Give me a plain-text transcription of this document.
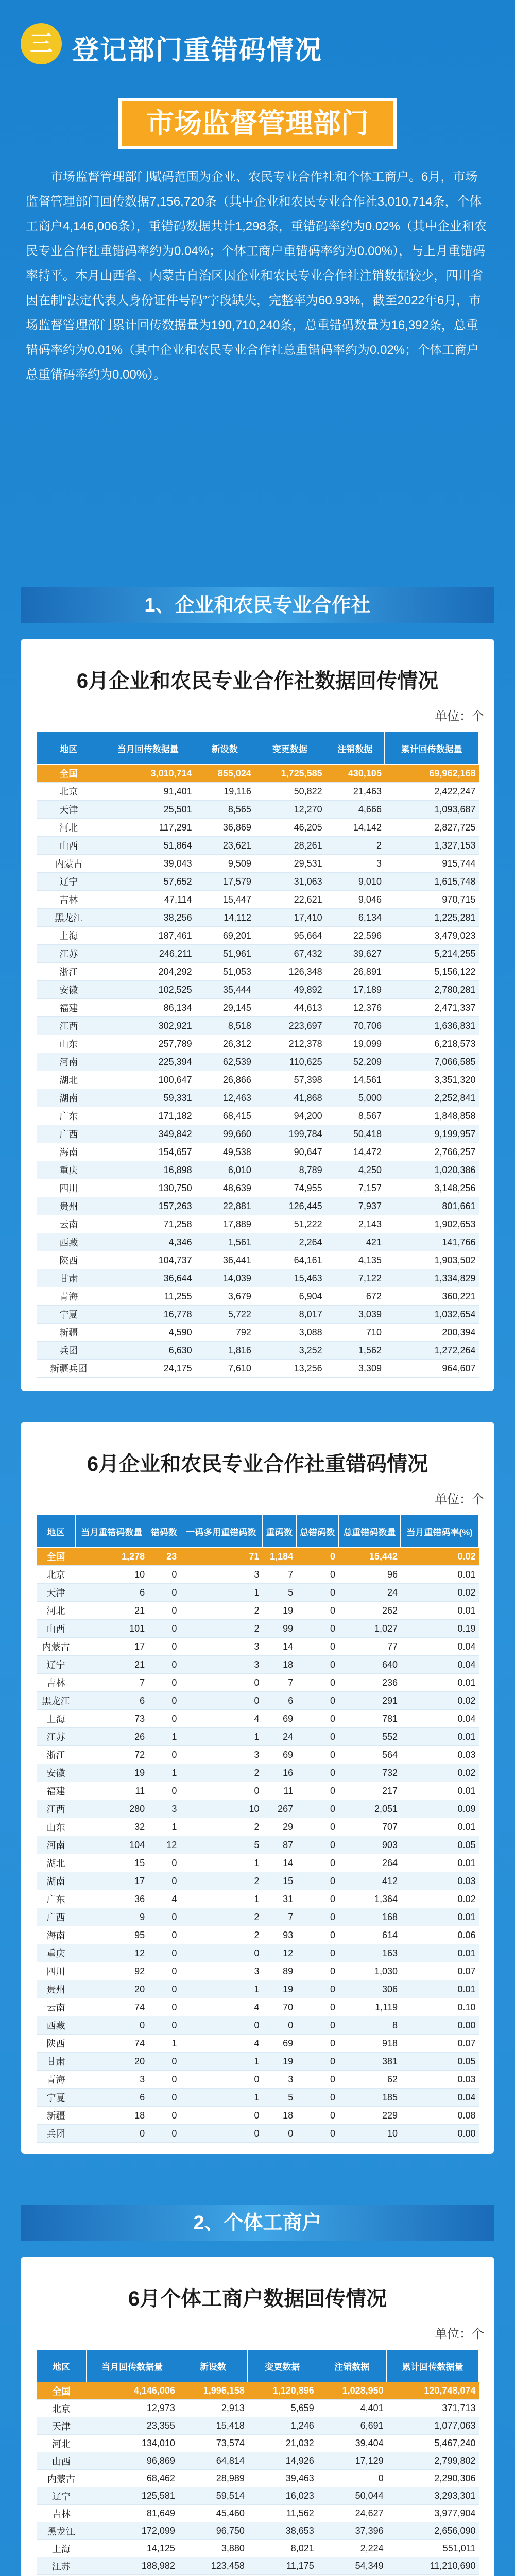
三 登记部门重错码情况
市场监督管理部门
市场监督管理部门赋码范围为企业、农民专业合作社和个体工商户。6月，市场监督管理部门回传数据7,156,720条（其中企业和农民专业合作社3,010,714条，个体工商户4,146,006条），重错码数据共计1,298条，重错码率约为0.02%（其中企业和农民专业合作社重错码率约为0.04%；个体工商户重错码率约为0.00%），与上月重错码率持平。本月山西省、内蒙古自治区因企业和农民专业合作社注销数据较少，四川省因在制“法定代表人身份证件号码”字段缺失，完整率为60.93%，截至2022年6月，市场监督管理部门累计回传数据量为190,710,240条，总重错码数量为16,392条，总重错码率约为0.01%（其中企业和农民专业合作社总重错码率约为0.02%；个体工商户总重错码率约为0.00%）。
1、企业和农民专业合作社
6月企业和农民专业合作社数据回传情况
单位：个
地区	当月回传数据量	新设数	变更数据	注销数据	累计回传数据量
全国	3,010,714	855,024	1,725,585	430,105	69,962,168
北京	91,401	19,116	50,822	21,463	2,422,247
天津	25,501	8,565	12,270	4,666	1,093,687
河北	117,291	36,869	46,205	14,142	2,827,725
山西	51,864	23,621	28,261	2	1,327,153
内蒙古	39,043	9,509	29,531	3	915,744
辽宁	57,652	17,579	31,063	9,010	1,615,748
吉林	47,114	15,447	22,621	9,046	970,715
黑龙江	38,256	14,112	17,410	6,134	1,225,281
上海	187,461	69,201	95,664	22,596	3,479,023
江苏	246,211	51,961	67,432	39,627	5,214,255
浙江	204,292	51,053	126,348	26,891	5,156,122
安徽	102,525	35,444	49,892	17,189	2,780,281
福建	86,134	29,145	44,613	12,376	2,471,337
江西	302,921	8,518	223,697	70,706	1,636,831
山东	257,789	26,312	212,378	19,099	6,218,573
河南	225,394	62,539	110,625	52,209	7,066,585
湖北	100,647	26,866	57,398	14,561	3,351,320
湖南	59,331	12,463	41,868	5,000	2,252,841
广东	171,182	68,415	94,200	8,567	1,848,858
广西	349,842	99,660	199,784	50,418	9,199,957
海南	154,657	49,538	90,647	14,472	2,766,257
重庆	16,898	6,010	8,789	4,250	1,020,386
四川	130,750	48,639	74,955	7,157	3,148,256
贵州	157,263	22,881	126,445	7,937	801,661
云南	71,258	17,889	51,222	2,143	1,902,653
西藏	4,346	1,561	2,264	421	141,766
陕西	104,737	36,441	64,161	4,135	1,903,502
甘肃	36,644	14,039	15,463	7,122	1,334,829
青海	11,255	3,679	6,904	672	360,221
宁夏	16,778	5,722	8,017	3,039	1,032,654
新疆	4,590	792	3,088	710	200,394
兵团	6,630	1,816	3,252	1,562	1,272,264
新疆兵团	24,175	7,610	13,256	3,309	964,607
6月企业和农民专业合作社重错码情况
单位：个
地区	当月重错码数量	错码数	一码多用重错码数	重码数	总错码数	总重错码数量	当月重错码率(%)
全国	1,278	23	71	1,184	0	15,442	0.02
北京	10	0	3	7	0	96	0.01
天津	6	0	1	5	0	24	0.02
河北	21	0	2	19	0	262	0.01
山西	101	0	2	99	0	1,027	0.19
内蒙古	17	0	3	14	0	77	0.04
辽宁	21	0	3	18	0	640	0.04
吉林	7	0	0	7	0	236	0.01
黑龙江	6	0	0	6	0	291	0.02
上海	73	0	4	69	0	781	0.04
江苏	26	1	1	24	0	552	0.01
浙江	72	0	3	69	0	564	0.03
安徽	19	1	2	16	0	732	0.02
福建	11	0	0	11	0	217	0.01
江西	280	3	10	267	0	2,051	0.09
山东	32	1	2	29	0	707	0.01
河南	104	12	5	87	0	903	0.05
湖北	15	0	1	14	0	264	0.01
湖南	17	0	2	15	0	412	0.03
广东	36	4	1	31	0	1,364	0.02
广西	9	0	2	7	0	168	0.01
海南	95	0	2	93	0	614	0.06
重庆	12	0	0	12	0	163	0.01
四川	92	0	3	89	0	1,030	0.07
贵州	20	0	1	19	0	306	0.01
云南	74	0	4	70	0	1,119	0.10
西藏	0	0	0	0	0	8	0.00
陕西	74	1	4	69	0	918	0.07
甘肃	20	0	1	19	0	381	0.05
青海	3	0	0	3	0	62	0.03
宁夏	6	0	1	5	0	185	0.04
新疆	18	0	0	18	0	229	0.08
兵团	0	0	0	0	0	10	0.00
2、个体工商户
6月个体工商户数据回传情况
单位：个
地区	当月回传数据量	新设数	变更数据	注销数据	累计回传数据量
全国	4,146,006	1,996,158	1,120,896	1,028,950	120,748,074
北京	12,973	2,913	5,659	4,401	371,713
天津	23,355	15,418	1,246	6,691	1,077,063
河北	134,010	73,574	21,032	39,404	5,467,240
山西	96,869	64,814	14,926	17,129	2,799,802
内蒙古	68,462	28,989	39,463	0	2,290,306
辽宁	125,581	59,514	16,023	50,044	3,293,301
吉林	81,649	45,460	11,562	24,627	3,977,904
黑龙江	172,099	96,750	38,653	37,396	2,656,090
上海	14,125	3,880	8,021	2,224	551,011
江苏	188,982	123,458	11,175	54,349	11,210,690
